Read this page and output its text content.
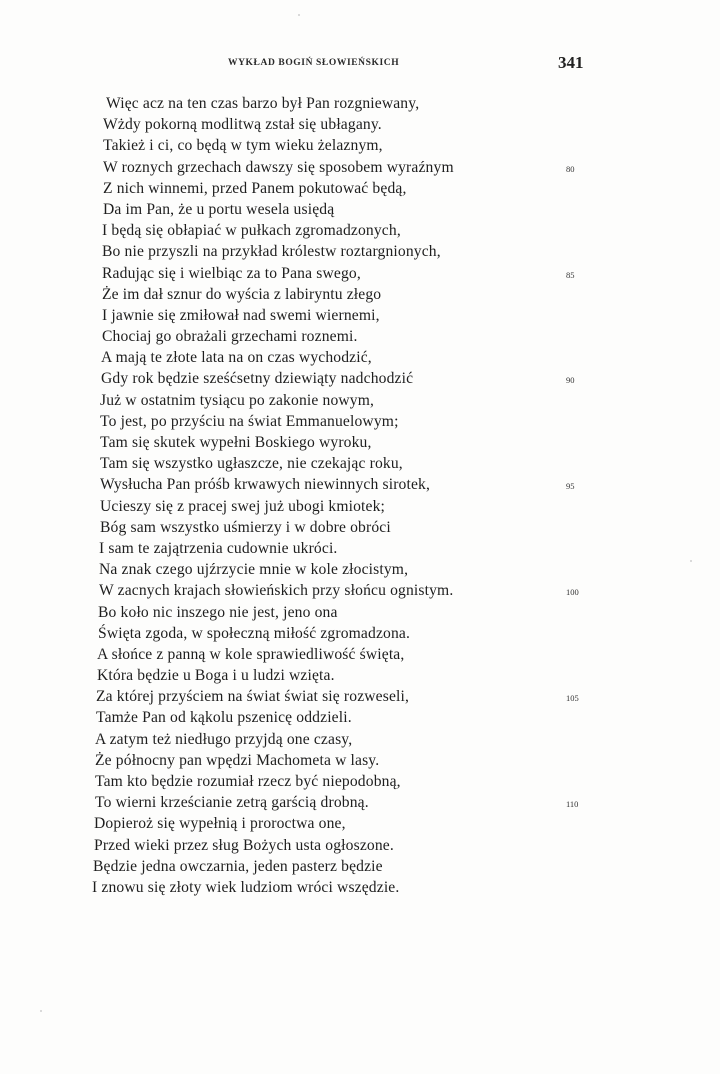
WYKŁAD BOGIŃ SŁOWIEŃSKICH	341
Więc acz na ten czas barzo był Pan rozgniewany,
Wżdy pokorną modlitwą zstał się ubłagany.
Takież i ci, co będą w tym wieku żelaznym,
W roznych grzechach dawszy się sposobem wyraźnym	80
Z nich winnemi, przed Panem pokutować będą,
Da im Pan, że u portu wesela usiędą
I będą się obłapiać w pułkach zgromadzonych,
Bo nie przyszli na przykład królestw roztargnionych,
Radując się i wielbiąc za to Pana swego,	85
Że im dał sznur do wyścia z labiryntu złego
I jawnie się zmiłował nad swemi wiernemi,
Chociaj go obrażali grzechami roznemi.
A mają te złote lata na on czas wychodzić,
Gdy rok będzie sześćsetny dziewiąty nadchodzić	90
Już w ostatnim tysiącu po zakonie nowym,
To jest, po przyściu na świat Emmanuelowym;
Tam się skutek wypełni Boskiego wyroku,
Tam się wszystko ugłaszcze, nie czekając roku,
Wysłucha Pan próśb krwawych niewinnych sirotek,	95
Ucieszy się z pracej swej już ubogi kmiotek;
Bóg sam wszystko uśmierzy i w dobre obróci
I sam te zajątrzenia cudownie ukróci.
Na znak czego ujźrzycie mnie w kole złocistym,
W zacnych krajach słowieńskich przy słońcu ognistym.	100
Bo koło nic inszego nie jest, jeno ona
Święta zgoda, w społeczną miłość zgromadzona.
A słońce z panną w kole sprawiedliwość święta,
Która będzie u Boga i u ludzi wzięta.
Za której przyściem na świat świat się rozweseli,	105
Tamże Pan od kąkolu pszenicę oddzieli.
A zatym też niedługo przyjdą one czasy,
Że północny pan wpędzi Machometa w lasy.
Tam kto będzie rozumiał rzecz być niepodobną,
To wierni krześcianie zetrą garścią drobną.	110
Dopieroż się wypełnią i proroctwa one,
Przed wieki przez sług Bożych usta ogłoszone.
Będzie jedna owczarnia, jeden pasterz będzie
I znowu się złoty wiek ludziom wróci wszędzie.
